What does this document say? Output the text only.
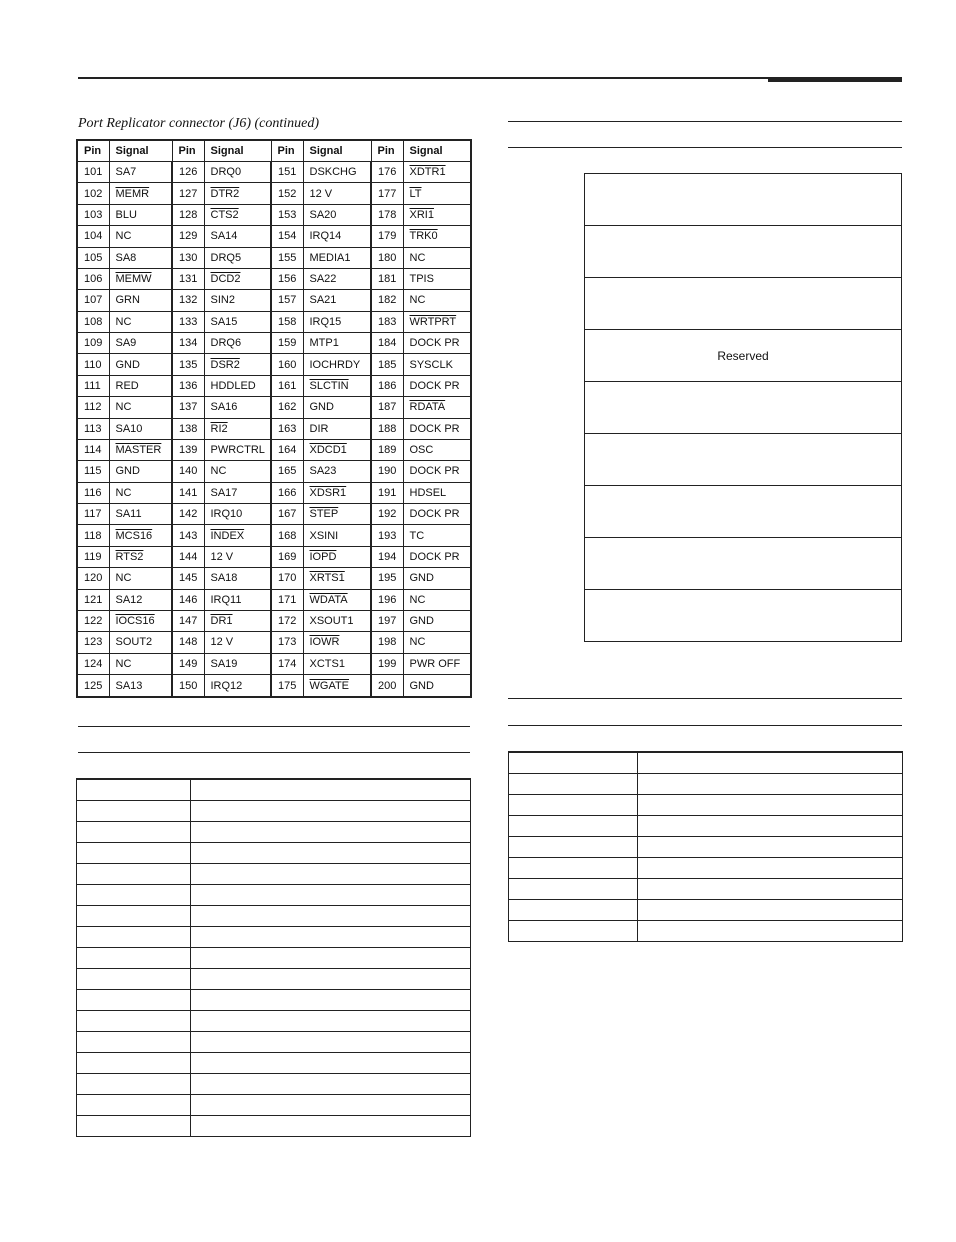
Port Replicator connector (J6) (continued)
Pin	Signal	Pin	Signal	Pin	Signal	Pin	Signal
101	SA7	126	DRQ0	151	DSKCHG	176	XDTR1
102	MEMR	127	DTR2	152	12 V	177	$\overline{LT}$
103	BLU	128	CTS2	153	SA20	178	XRI1
104	NC	129	SA14	154	IRQ14	179	TRK0
105	SA8	130	DRQ5	155	MEDIA1	180	NC
106	MEMW	131	DCD2	156	SA22	181	TPIS
107	GRN	132	SIN2	157	SA21	182	NC
108	NC	133	SA15	158	IRQ15	183	WRTPRT
109	SA9	134	DRQ6	159	MTP1	184	DOCK PR
110	GND	135	DSR2	160	IOCHRDY	185	SYSCLK
111	RED	136	HDDLED	161	SLCTIN	186	DOCK PR
112	NC	137	SA16	162	GND	187	RDATA
113	SA10	138	RI2	163	DIR	188	DOCK PR
114	MASTER	139	PWRCTRL	164	XDCD1	189	OSC
115	GND	140	NC	165	SA23	190	DOCK PR
116	NC	141	SA17	166	XDSR1	191	HDSEL
117	SA11	142	IRQ10	167	STEP	192	DOCK PR
118	MCS16	143	INDEX	168	XSINI	193	TC
119	RTS2	144	12 V	169	IOPD	194	DOCK PR
120	NC	145	SA18	170	XRTS1	195	GND
121	SA12	146	IRQ11	171	WDATA	196	NC
122	IOCS16	147	DR1	172	XSOUT1	197	GND
123	SOUT2	148	12 V	173	IOWR	198	NC
124	NC	149	SA19	174	XCTS1	199	PWR OFF
125	SA13	150	IRQ12	175	WGATE	200	GND
Reserved
